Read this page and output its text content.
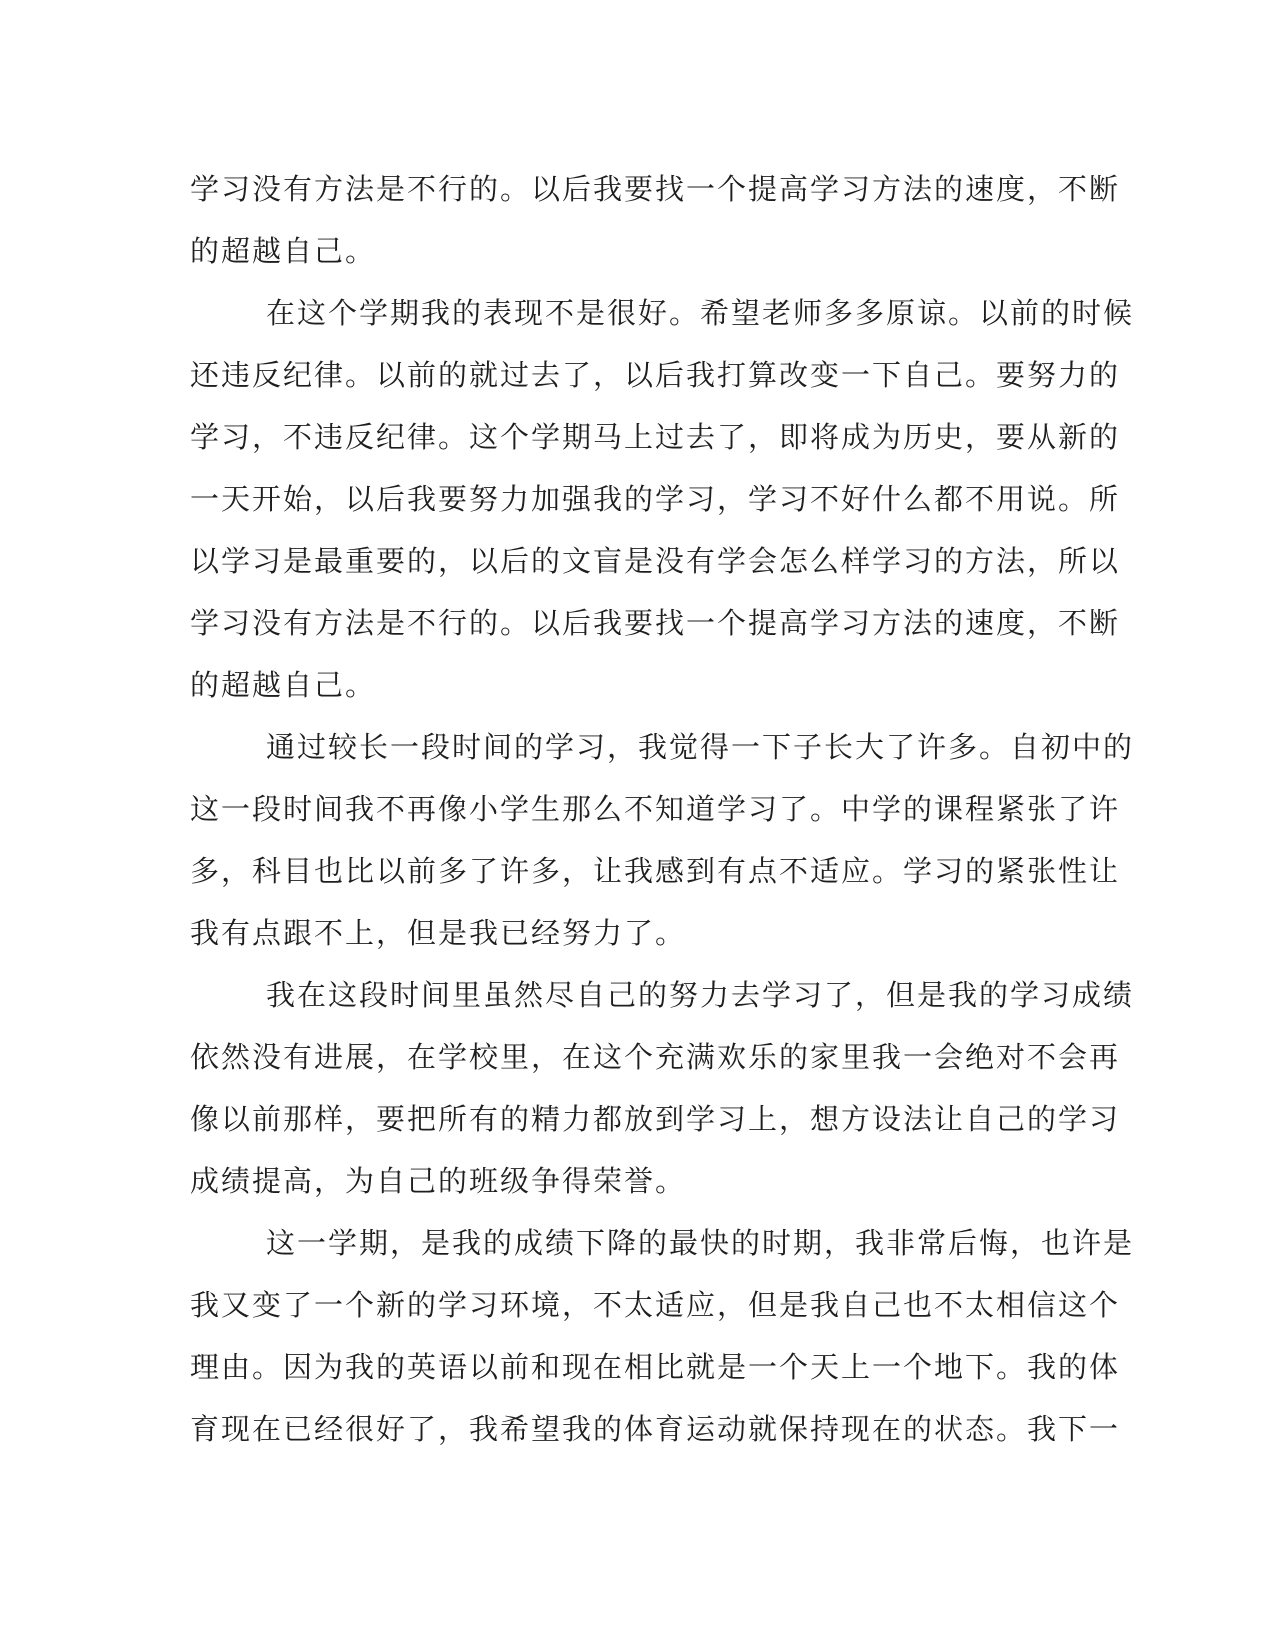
学习没有方法是不行的。以后我要找一个提高学习方法的速度，不断
的超越自己。
在这个学期我的表现不是很好。希望老师多多原谅。以前的时候
还违反纪律。以前的就过去了，以后我打算改变一下自己。要努力的
学习，不违反纪律。这个学期马上过去了，即将成为历史，要从新的
一天开始，以后我要努力加强我的学习，学习不好什么都不用说。所
以学习是最重要的，以后的文盲是没有学会怎么样学习的方法，所以
学习没有方法是不行的。以后我要找一个提高学习方法的速度，不断
的超越自己。
通过较长一段时间的学习，我觉得一下子长大了许多。自初中的
这一段时间我不再像小学生那么不知道学习了。中学的课程紧张了许
多，科目也比以前多了许多，让我感到有点不适应。学习的紧张性让
我有点跟不上，但是我已经努力了。
我在这段时间里虽然尽自己的努力去学习了，但是我的学习成绩
依然没有进展，在学校里，在这个充满欢乐的家里我一会绝对不会再
像以前那样，要把所有的精力都放到学习上，想方设法让自己的学习
成绩提高，为自己的班级争得荣誉。
这一学期，是我的成绩下降的最快的时期，我非常后悔，也许是
我又变了一个新的学习环境，不太适应，但是我自己也不太相信这个
理由。因为我的英语以前和现在相比就是一个天上一个地下。我的体
育现在已经很好了，我希望我的体育运动就保持现在的状态。我下一
